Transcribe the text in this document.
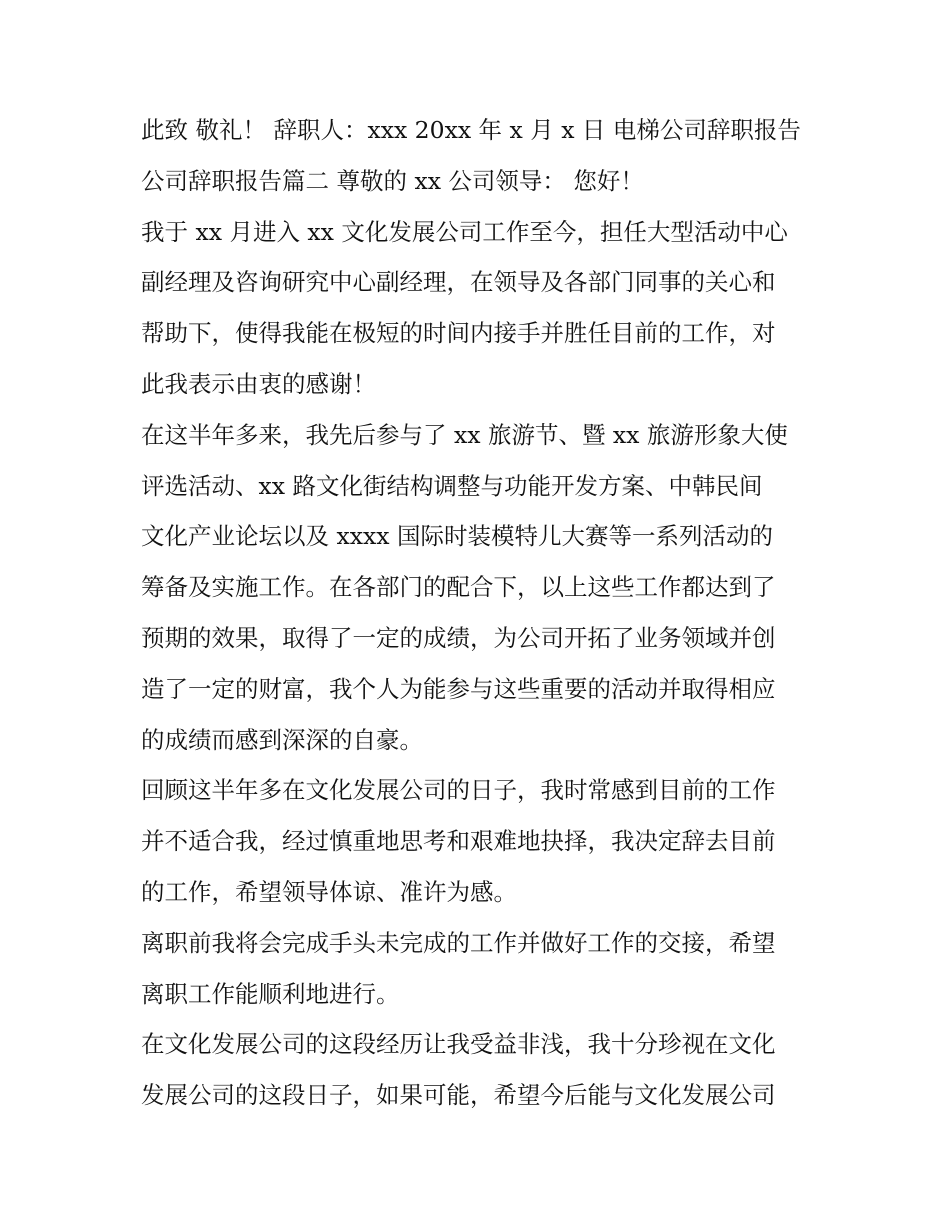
此致 敬礼！ 辞职人：xxx 20xx 年 x 月 x 日 电梯公司辞职报告
公司辞职报告篇二 尊敬的 xx 公司领导： 您好！
我于 xx 月进入 xx 文化发展公司工作至今，担任大型活动中心
副经理及咨询研究中心副经理，在领导及各部门同事的关心和
帮助下，使得我能在极短的时间内接手并胜任目前的工作，对
此我表示由衷的感谢！
在这半年多来，我先后参与了 xx 旅游节、暨 xx 旅游形象大使
评选活动、xx 路文化街结构调整与功能开发方案、中韩民间
文化产业论坛以及 xxxx 国际时装模特儿大赛等一系列活动的
筹备及实施工作。在各部门的配合下，以上这些工作都达到了
预期的效果，取得了一定的成绩，为公司开拓了业务领域并创
造了一定的财富，我个人为能参与这些重要的活动并取得相应
的成绩而感到深深的自豪。
回顾这半年多在文化发展公司的日子，我时常感到目前的工作
并不适合我，经过慎重地思考和艰难地抉择，我决定辞去目前
的工作，希望领导体谅、准许为感。
离职前我将会完成手头未完成的工作并做好工作的交接，希望
离职工作能顺利地进行。
在文化发展公司的这段经历让我受益非浅，我十分珍视在文化
发展公司的这段日子，如果可能，希望今后能与文化发展公司
